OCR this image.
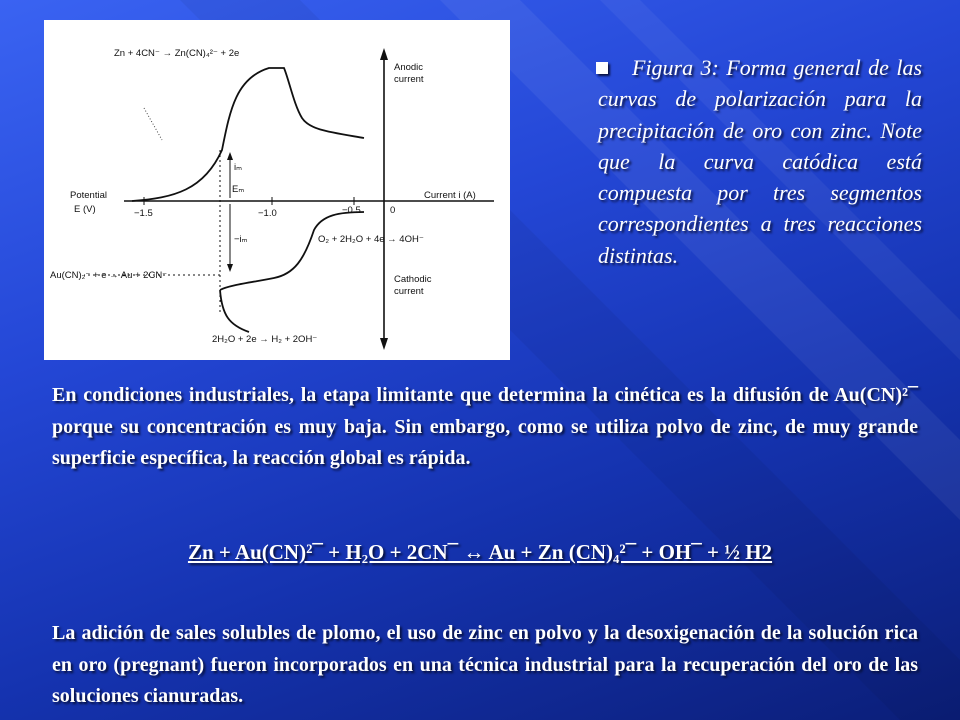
Zn + 4CN⁻ → Zn(CN)₄²⁻ + 2e
Anodic
current
iₘ
Eₘ
−iₘ
Potential
E (V)	−1.5	−1.0	−0.5	0
Current i (A)
O₂ + 2H₂O + 4e → 4OH⁻
Au(CN)₂⁻ + e → Au + 2CN⁻	Cathodic
current
2H₂O + 2e → H₂ + 2OH⁻
Figura 3: Forma general de las curvas de polarización para la precipitación de oro con zinc. Note que la curva catódica está compuesta por tres segmentos correspondientes a tres reacciones distintas.
En condiciones industriales, la etapa limitante que determina la cinética es la difusión de Au(CN)²¯ porque su concentración es muy baja. Sin embargo, como se utiliza polvo de zinc, de muy grande superficie específica, la reacción global es rápida.
Zn + Au(CN)²¯ + H₂O + 2CN¯ ↔ Au + Zn (CN)₄²¯ + OH¯ + ½ H2
La adición de sales solubles de plomo, el uso de zinc en polvo y la desoxigenación de la solución rica en oro (pregnant) fueron incorporados en una técnica industrial para la recuperación del oro de las soluciones cianuradas.
